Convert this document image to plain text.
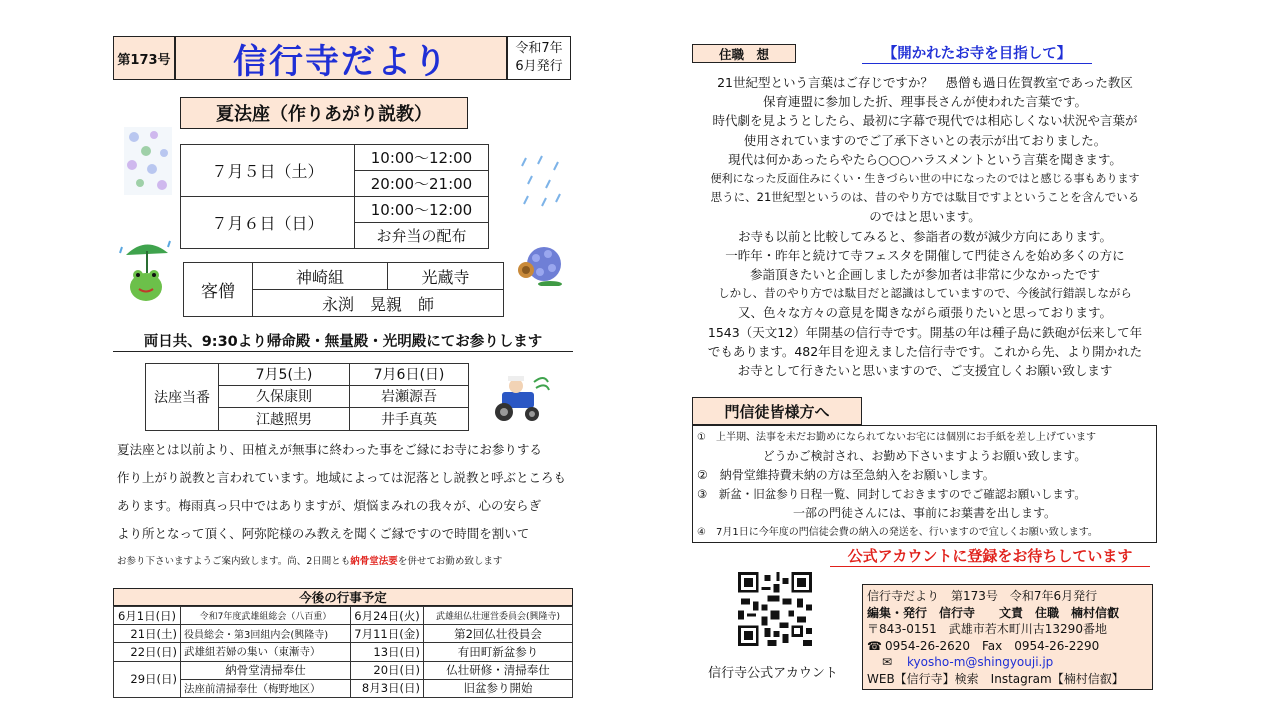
第173号	信行寺だより	令和7年
6月発行
夏法座（作りあがり説教）
７月５日（土）	10:00～12:00
	20:00～21:00
７月６日（日）	10:00～12:00
	お弁当の配布
客僧	神崎組	光蔵寺
永渕　晃親　師
両日共、9:30より帰命殿・無量殿・光明殿にてお参りします
法座当番	7月5(土)	7月6日(日)
	久保康則	岩瀬源吾
	江越照男	井手真英
夏法座とは以前より、田植えが無事に終わった事をご縁にお寺にお参りする
作り上がり説教と言われています。地域によっては泥落とし説教と呼ぶところも
あります。梅雨真っ只中ではありますが、煩悩まみれの我々が、心の安らぎ
より所となって頂く、阿弥陀様のみ教えを聞くご縁ですので時間を割いて
お参り下さいますようご案内致します。尚、2日間とも納骨堂法要を併せてお勤め致します
今後の行事予定
6月1日(日)	令和7年度武雄組総会（八百重）	6月24日(火)	武雄組仏壮運営委員会(興隆寺)
21日(土)	役員総会・第3回組内会(興隆寺)	7月11日(金)	第2回仏壮役員会
22日(日)	武雄組若婦の集い（東漸寺）	13日(日)	有田町新盆参り
29日(日)	納骨堂清掃奉仕	20日(日)	仏壮研修・清掃奉仕
	法座前清掃奉仕（梅野地区）	8月3日(日)	旧盆参り開始
住職　想	【開かれたお寺を目指して】
21世紀型という言葉はご存じですか？　愚僧も過日佐賀教室であった教区
保育連盟に参加した折、理事長さんが使われた言葉です。
時代劇を見ようとしたら、最初に字幕で現代では相応しくない状況や言葉が
使用されていますのでご了承下さいとの表示が出ておりました。
現代は何かあったらやたら○○○ハラスメントという言葉を聞きます。
便利になった反面住みにくい・生きづらい世の中になったのではと感じる事もあります
思うに、21世紀型というのは、昔のやり方では駄目ですよということを含んでいる
のではと思います。
お寺も以前と比較してみると、参詣者の数が減少方向にあります。
一昨年・昨年と続けて寺フェスタを開催して門徒さんを始め多くの方に
参詣頂きたいと企画しましたが参加者は非常に少なかったです
しかし、昔のやり方では駄目だと認識はしていますので、今後試行錯誤しながら
又、色々な方々の意見を聞きながら頑張りたいと思っております。
1543（天文12）年開基の信行寺です。開基の年は種子島に鉄砲が伝来して年
でもあります。482年目を迎えました信行寺です。これから先、より開かれた
お寺として行きたいと思いますので、ご支援宜しくお願い致します
門信徒皆様方へ
①　上半期、法事を未だお勤めになられてないお宅には個別にお手紙を差し上げています
どうかご検討され、お勤め下さいますようお願い致します。
②　納骨堂維持費未納の方は至急納入をお願いします。
③　新盆・旧盆参り日程一覧、同封しておきますのでご確認お願いします。
一部の門徒さんには、事前にお葉書を出します。
④　7月1日に今年度の門信徒会費の納入の発送を、行いますので宜しくお願い致します。
公式アカウントに登録をお待ちしています
信行寺公式アカウント
信行寺だより　第173号　令和7年6月発行
編集・発行　信行寺　　文責　住職　楠村信叡
〒843-0151　武雄市若木町川古13290番地
☎ 0954-26-2620　Fax　0954-26-2290
✉ kyosho-m@shingyouji.jp
WEB【信行寺】検索　Instagram【楠村信叡】
